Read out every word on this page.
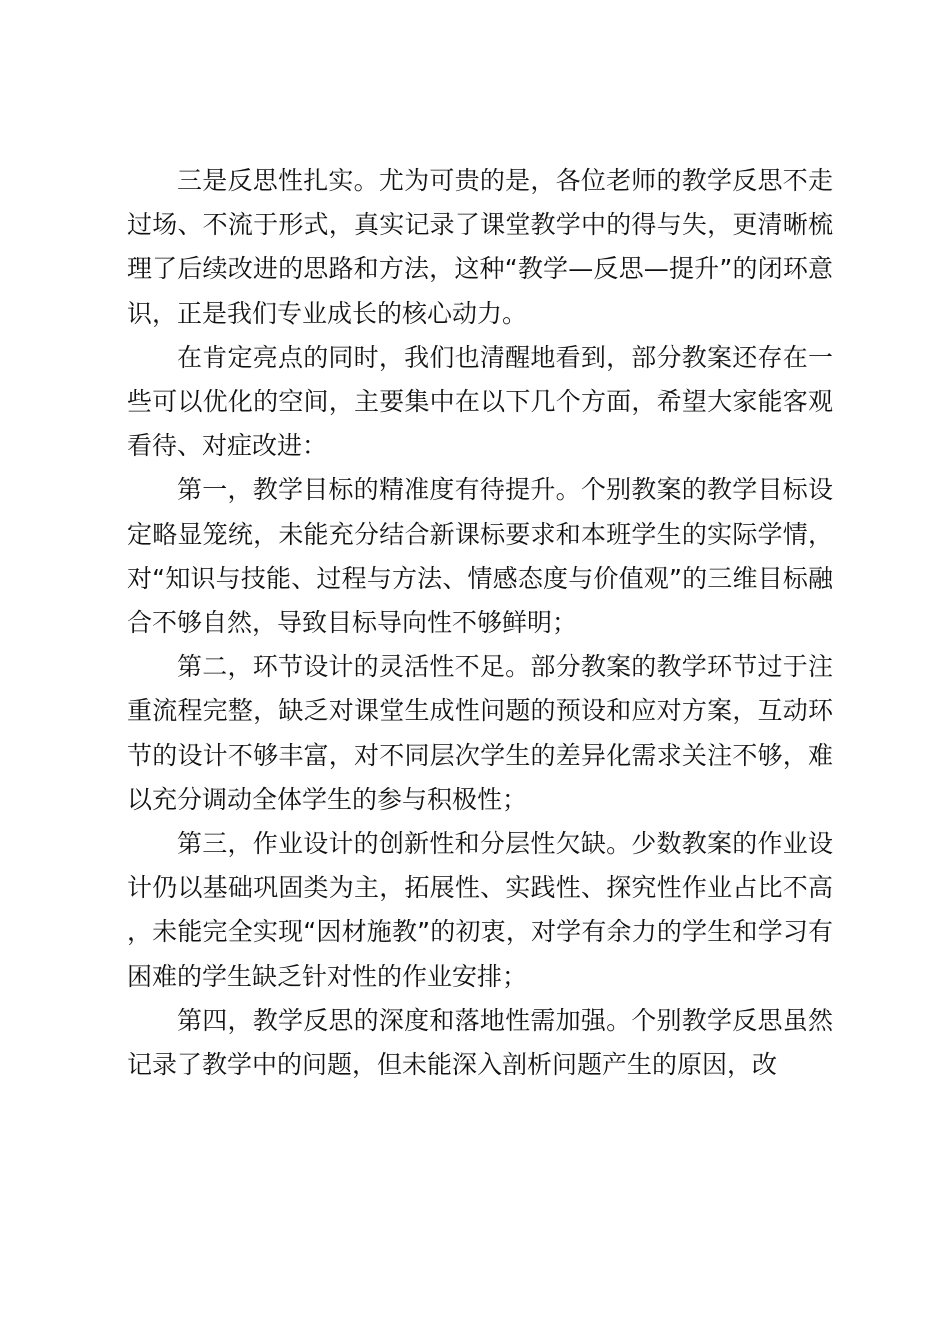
三是反思性扎实。尤为可贵的是，各位老师的教学反思不走过场、不流于形式，真实记录了课堂教学中的得与失，更清晰梳理了后续改进的思路和方法，这种“教学—反思—提升”的闭环意识，正是我们专业成长的核心动力。

在肯定亮点的同时，我们也清醒地看到，部分教案还存在一些可以优化的空间，主要集中在以下几个方面，希望大家能客观看待、对症改进：

第一，教学目标的精准度有待提升。个别教案的教学目标设定略显笼统，未能充分结合新课标要求和本班学生的实际学情，对“知识与技能、过程与方法、情感态度与价值观”的三维目标融合不够自然，导致目标导向性不够鲜明；

第二，环节设计的灵活性不足。部分教案的教学环节过于注重流程完整，缺乏对课堂生成性问题的预设和应对方案，互动环节的设计不够丰富，对不同层次学生的差异化需求关注不够，难以充分调动全体学生的参与积极性；

第三，作业设计的创新性和分层性欠缺。少数教案的作业设计仍以基础巩固类为主，拓展性、实践性、探究性作业占比不高，未能完全实现“因材施教”的初衷，对学有余力的学生和学习有困难的学生缺乏针对性的作业安排；

第四，教学反思的深度和落地性需加强。个别教学反思虽然记录了教学中的问题，但未能深入剖析问题产生的原因，改
